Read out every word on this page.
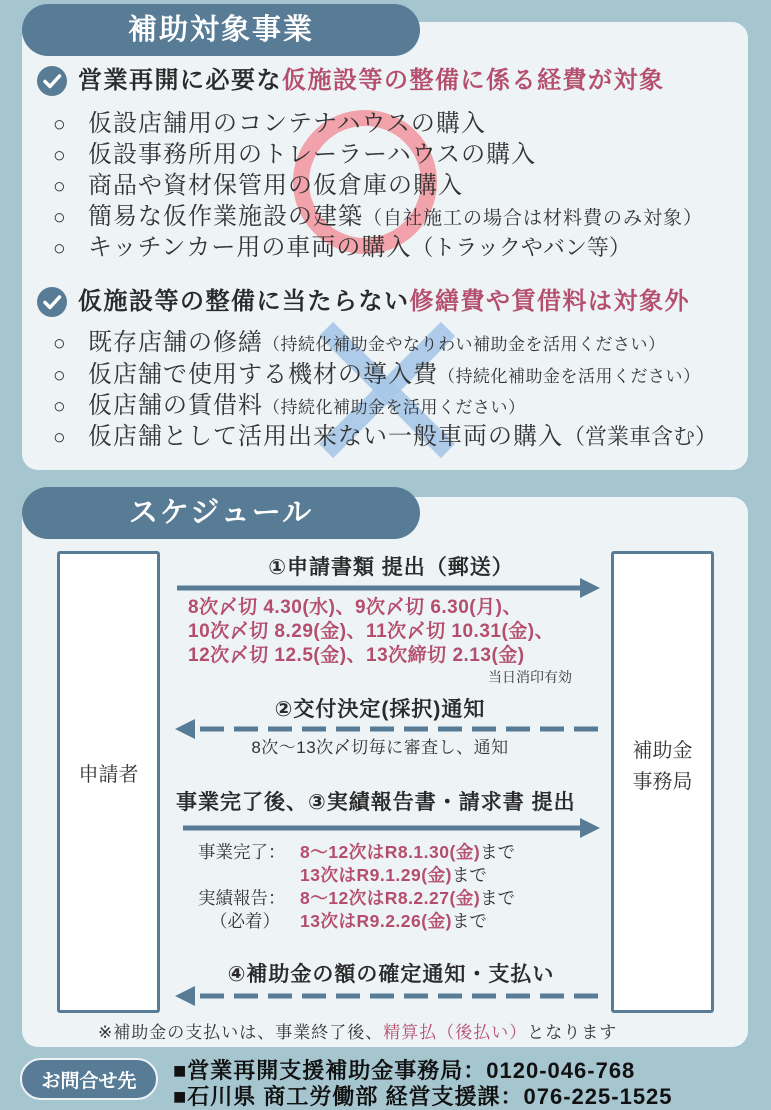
補助対象事業
営業再開に必要な 仮施設等の整備に係る経費が対象
○ 仮設店舗用のコンテナハウスの購入
○ 仮設事務所用のトレーラーハウスの購入
○ 商品や資材保管用の仮倉庫の購入
○ 簡易な仮作業施設の建築（自社施工の場合は材料費のみ対象）
○ キッチンカー用の車両の購入（トラックやバン等）
仮施設等の整備に当たらない 修繕費や賃借料は対象外
○ 既存店舗の修繕（持続化補助金やなりわい補助金を活用ください）
○ 仮店舗で使用する機材の導入費（持続化補助金を活用ください）
○ 仮店舗の賃借料（持続化補助金を活用ください）
○ 仮店舗として活用出来ない一般車両の購入（営業車含む）
スケジュール
申請者
補助金
事務局
①申請書類 提出（郵送）
8次〆切 4.30(水)、9次〆切 6.30(月)、
10次〆切 8.29(金)、11次〆切 10.31(金)、
12次〆切 12.5(金)、13次締切 2.13(金)
当日消印有効
②交付決定(採択)通知
8次～13次〆切毎に審査し、通知
事業完了後、③実績報告書・請求書 提出
事業完了： 8～12次はR8.1.30(金)まで
13次はR9.1.29(金)まで
実績報告： 8～12次はR8.2.27(金)まで
（必着） 13次はR9.2.26(金)まで
④補助金の額の確定通知・支払い
※補助金の支払いは、事業終了後、精算払（後払い）となります
お問合せ先	■営業再開支援補助金事務局：0120-046-768
■石川県 商工労働部 経営支援課：076-225-1525
